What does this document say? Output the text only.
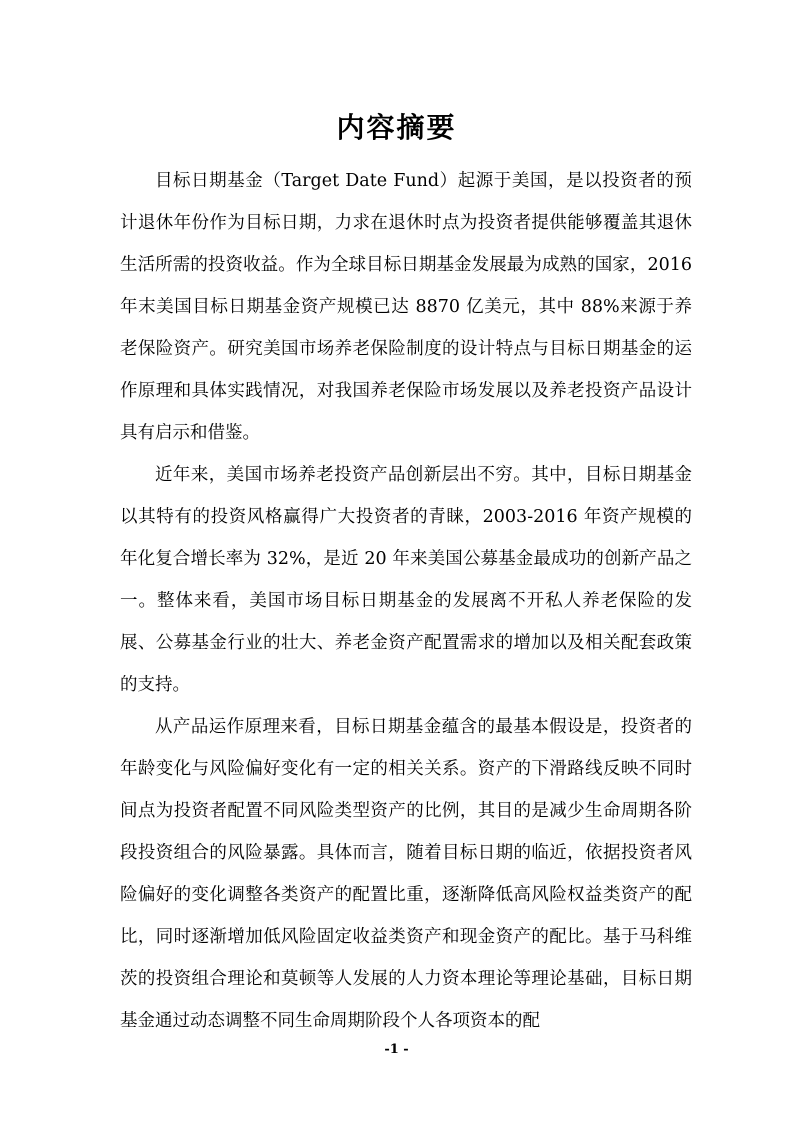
内容摘要

目标日期基金（Target Date Fund）起源于美国，是以投资者的预计退休年份作为目标日期，力求在退休时点为投资者提供能够覆盖其退休生活所需的投资收益。作为全球目标日期基金发展最为成熟的国家，2016年末美国目标日期基金资产规模已达 8870 亿美元，其中 88%来源于养老保险资产。研究美国市场养老保险制度的设计特点与目标日期基金的运作原理和具体实践情况，对我国养老保险市场发展以及养老投资产品设计具有启示和借鉴。

近年来，美国市场养老投资产品创新层出不穷。其中，目标日期基金以其特有的投资风格赢得广大投资者的青睐，2003-2016 年资产规模的年化复合增长率为 32%，是近 20 年来美国公募基金最成功的创新产品之一。整体来看，美国市场目标日期基金的发展离不开私人养老保险的发展、公募基金行业的壮大、养老金资产配置需求的增加以及相关配套政策的支持。

从产品运作原理来看，目标日期基金蕴含的最基本假设是，投资者的年龄变化与风险偏好变化有一定的相关关系。资产的下滑路线反映不同时间点为投资者配置不同风险类型资产的比例，其目的是减少生命周期各阶段投资组合的风险暴露。具体而言，随着目标日期的临近，依据投资者风险偏好的变化调整各类资产的配置比重，逐渐降低高风险权益类资产的配比，同时逐渐增加低风险固定收益类资产和现金资产的配比。基于马科维茨的投资组合理论和莫顿等人发展的人力资本理论等理论基础，目标日期基金通过动态调整不同生命周期阶段个人各项资本的配

-1 -
